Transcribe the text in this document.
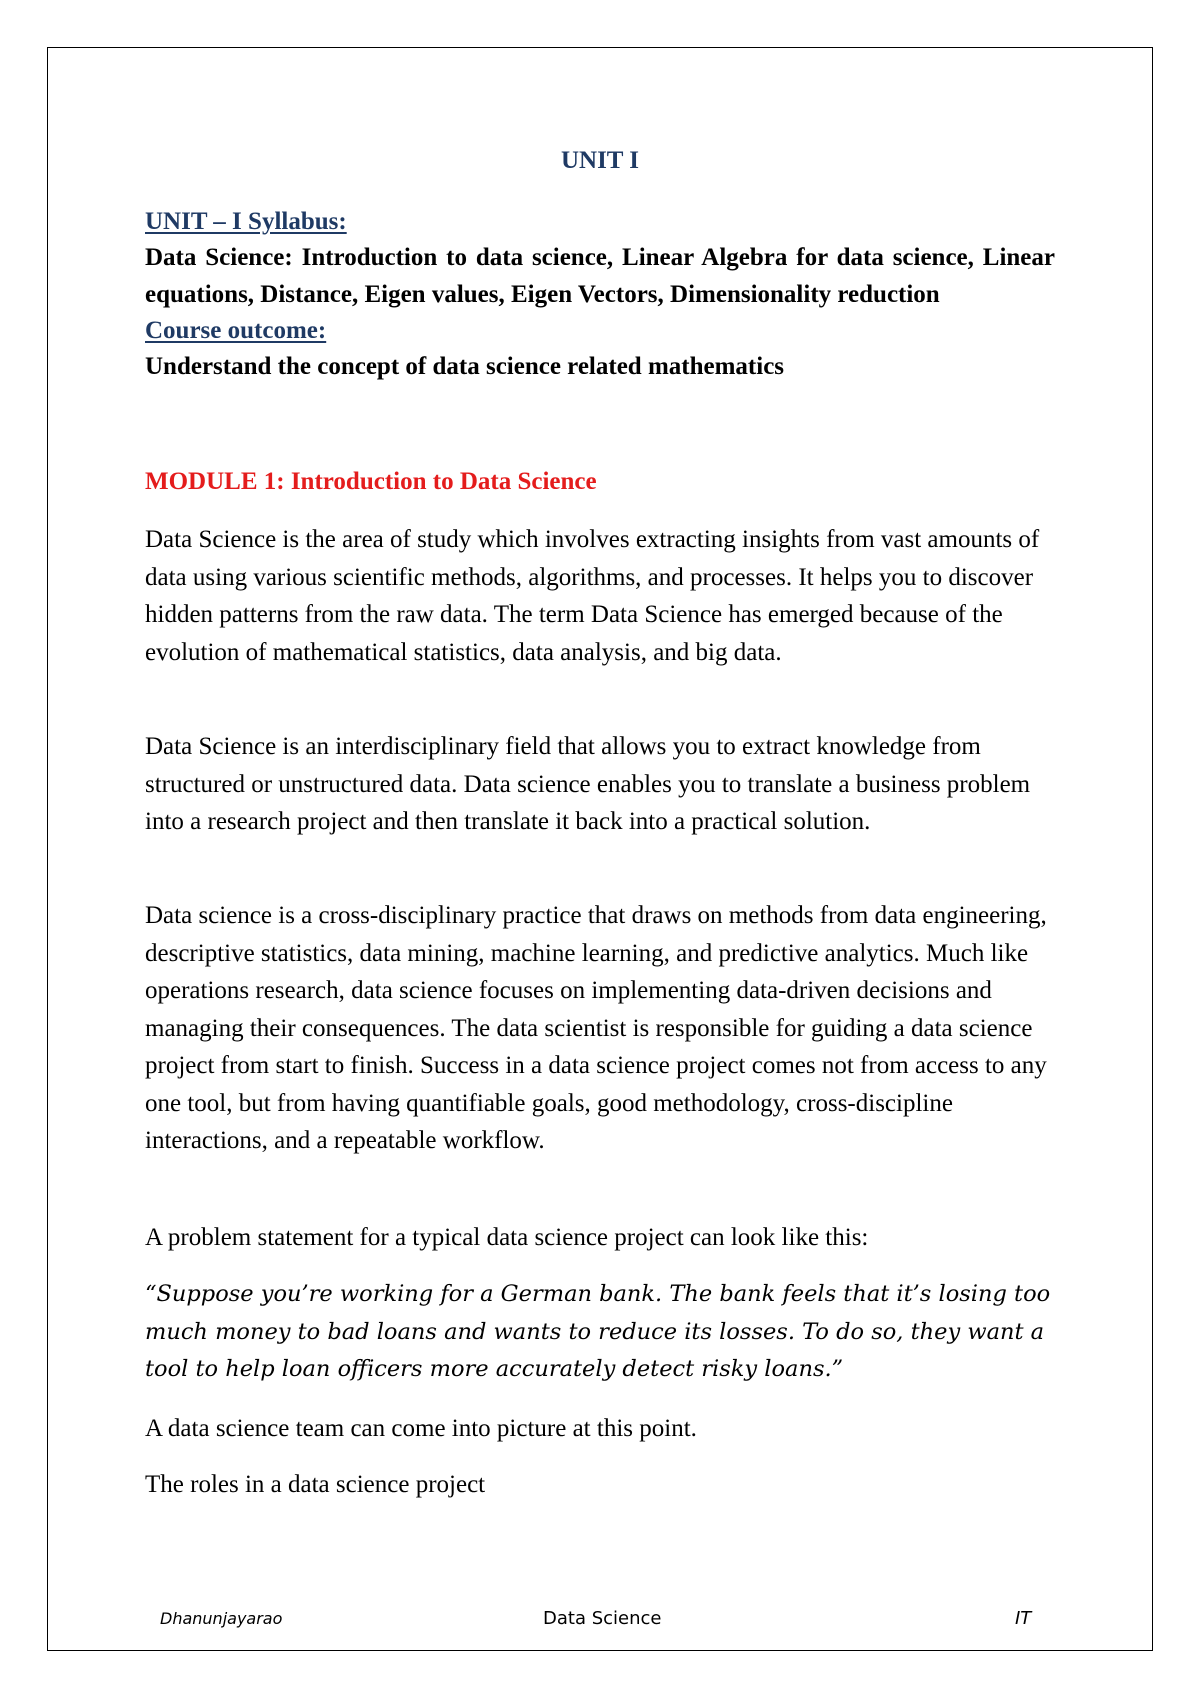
UNIT I

UNIT – I Syllabus:

Data Science: Introduction to data science, Linear Algebra for data science, Linear equations, Distance, Eigen values, Eigen Vectors, Dimensionality reduction

Course outcome:

Understand the concept of data science related mathematics

MODULE 1: Introduction to Data Science

Data Science is the area of study which involves extracting insights from vast amounts of data using various scientific methods, algorithms, and processes. It helps you to discover hidden patterns from the raw data. The term Data Science has emerged because of the evolution of mathematical statistics, data analysis, and big data.

Data Science is an interdisciplinary field that allows you to extract knowledge from structured or unstructured data. Data science enables you to translate a business problem into a research project and then translate it back into a practical solution.

Data science is a cross-disciplinary practice that draws on methods from data engineering, descriptive statistics, data mining, machine learning, and predictive analytics. Much like operations research, data science focuses on implementing data-driven decisions and managing their consequences. The data scientist is responsible for guiding a data science project from start to finish. Success in a data science project comes not from access to any one tool, but from having quantifiable goals, good methodology, cross-discipline interactions, and a repeatable workflow.

A problem statement for a typical data science project can look like this:

“Suppose you’re working for a German bank. The bank feels that it’s losing too much money to bad loans and wants to reduce its losses. To do so, they want a tool to help loan officers more accurately detect risky loans.”

A data science team can come into picture at this point.

The roles in a data science project

Dhanunjayarao	Data Science	IT
